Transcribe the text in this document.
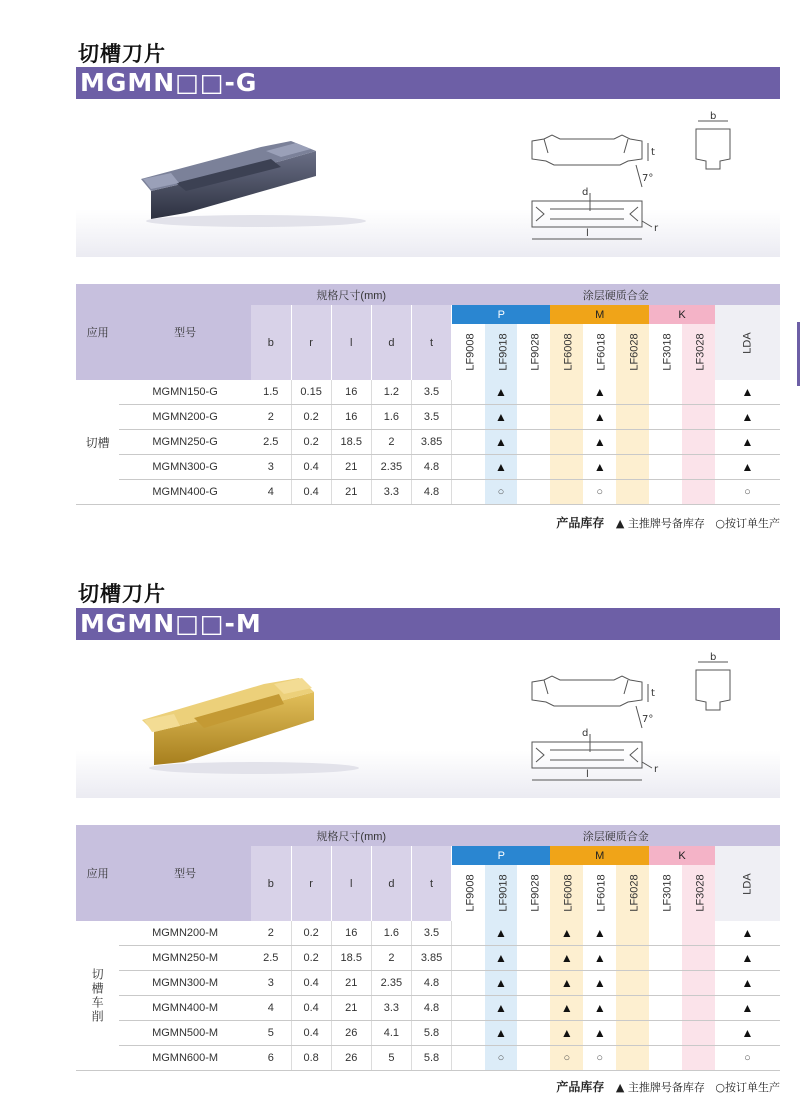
切槽刀片
MGMN□□-G
b
t
7°
d
r
l
应用	型号	规格尺寸(mm)					涂层硬质合金								
		b	r	l	d	t	P			M			K		LDA
							LF9008	LF9018	LF9028	LF6008	LF6018	LF6028	LF3018	LF3028	
切槽	MGMN150-G	1.5	0.15	16	1.2	3.5		▲			▲				▲
	MGMN200-G	2	0.2	16	1.6	3.5		▲			▲				▲
	MGMN250-G	2.5	0.2	18.5	2	3.85		▲			▲				▲
	MGMN300-G	3	0.4	21	2.35	4.8		▲			▲				▲
	MGMN400-G	4	0.4	21	3.3	4.8		○			○				○
产品库存 ▲ 主推牌号备库存 ○按订单生产
切槽刀片
MGMN□□-M
b
t
7°
d
r
l
应用	型号	规格尺寸(mm)					涂层硬质合金								
		b	r	l	d	t	P			M			K		LDA
							LF9008	LF9018	LF9028	LF6008	LF6018	LF6028	LF3018	LF3028	
切槽车削	MGMN200-M	2	0.2	16	1.6	3.5		▲		▲	▲				▲
	MGMN250-M	2.5	0.2	18.5	2	3.85		▲		▲	▲				▲
	MGMN300-M	3	0.4	21	2.35	4.8		▲		▲	▲				▲
	MGMN400-M	4	0.4	21	3.3	4.8		▲		▲	▲				▲
	MGMN500-M	5	0.4	26	4.1	5.8		▲		▲	▲				▲
	MGMN600-M	6	0.8	26	5	5.8		○		○	○				○
产品库存 ▲ 主推牌号备库存 ○按订单生产
